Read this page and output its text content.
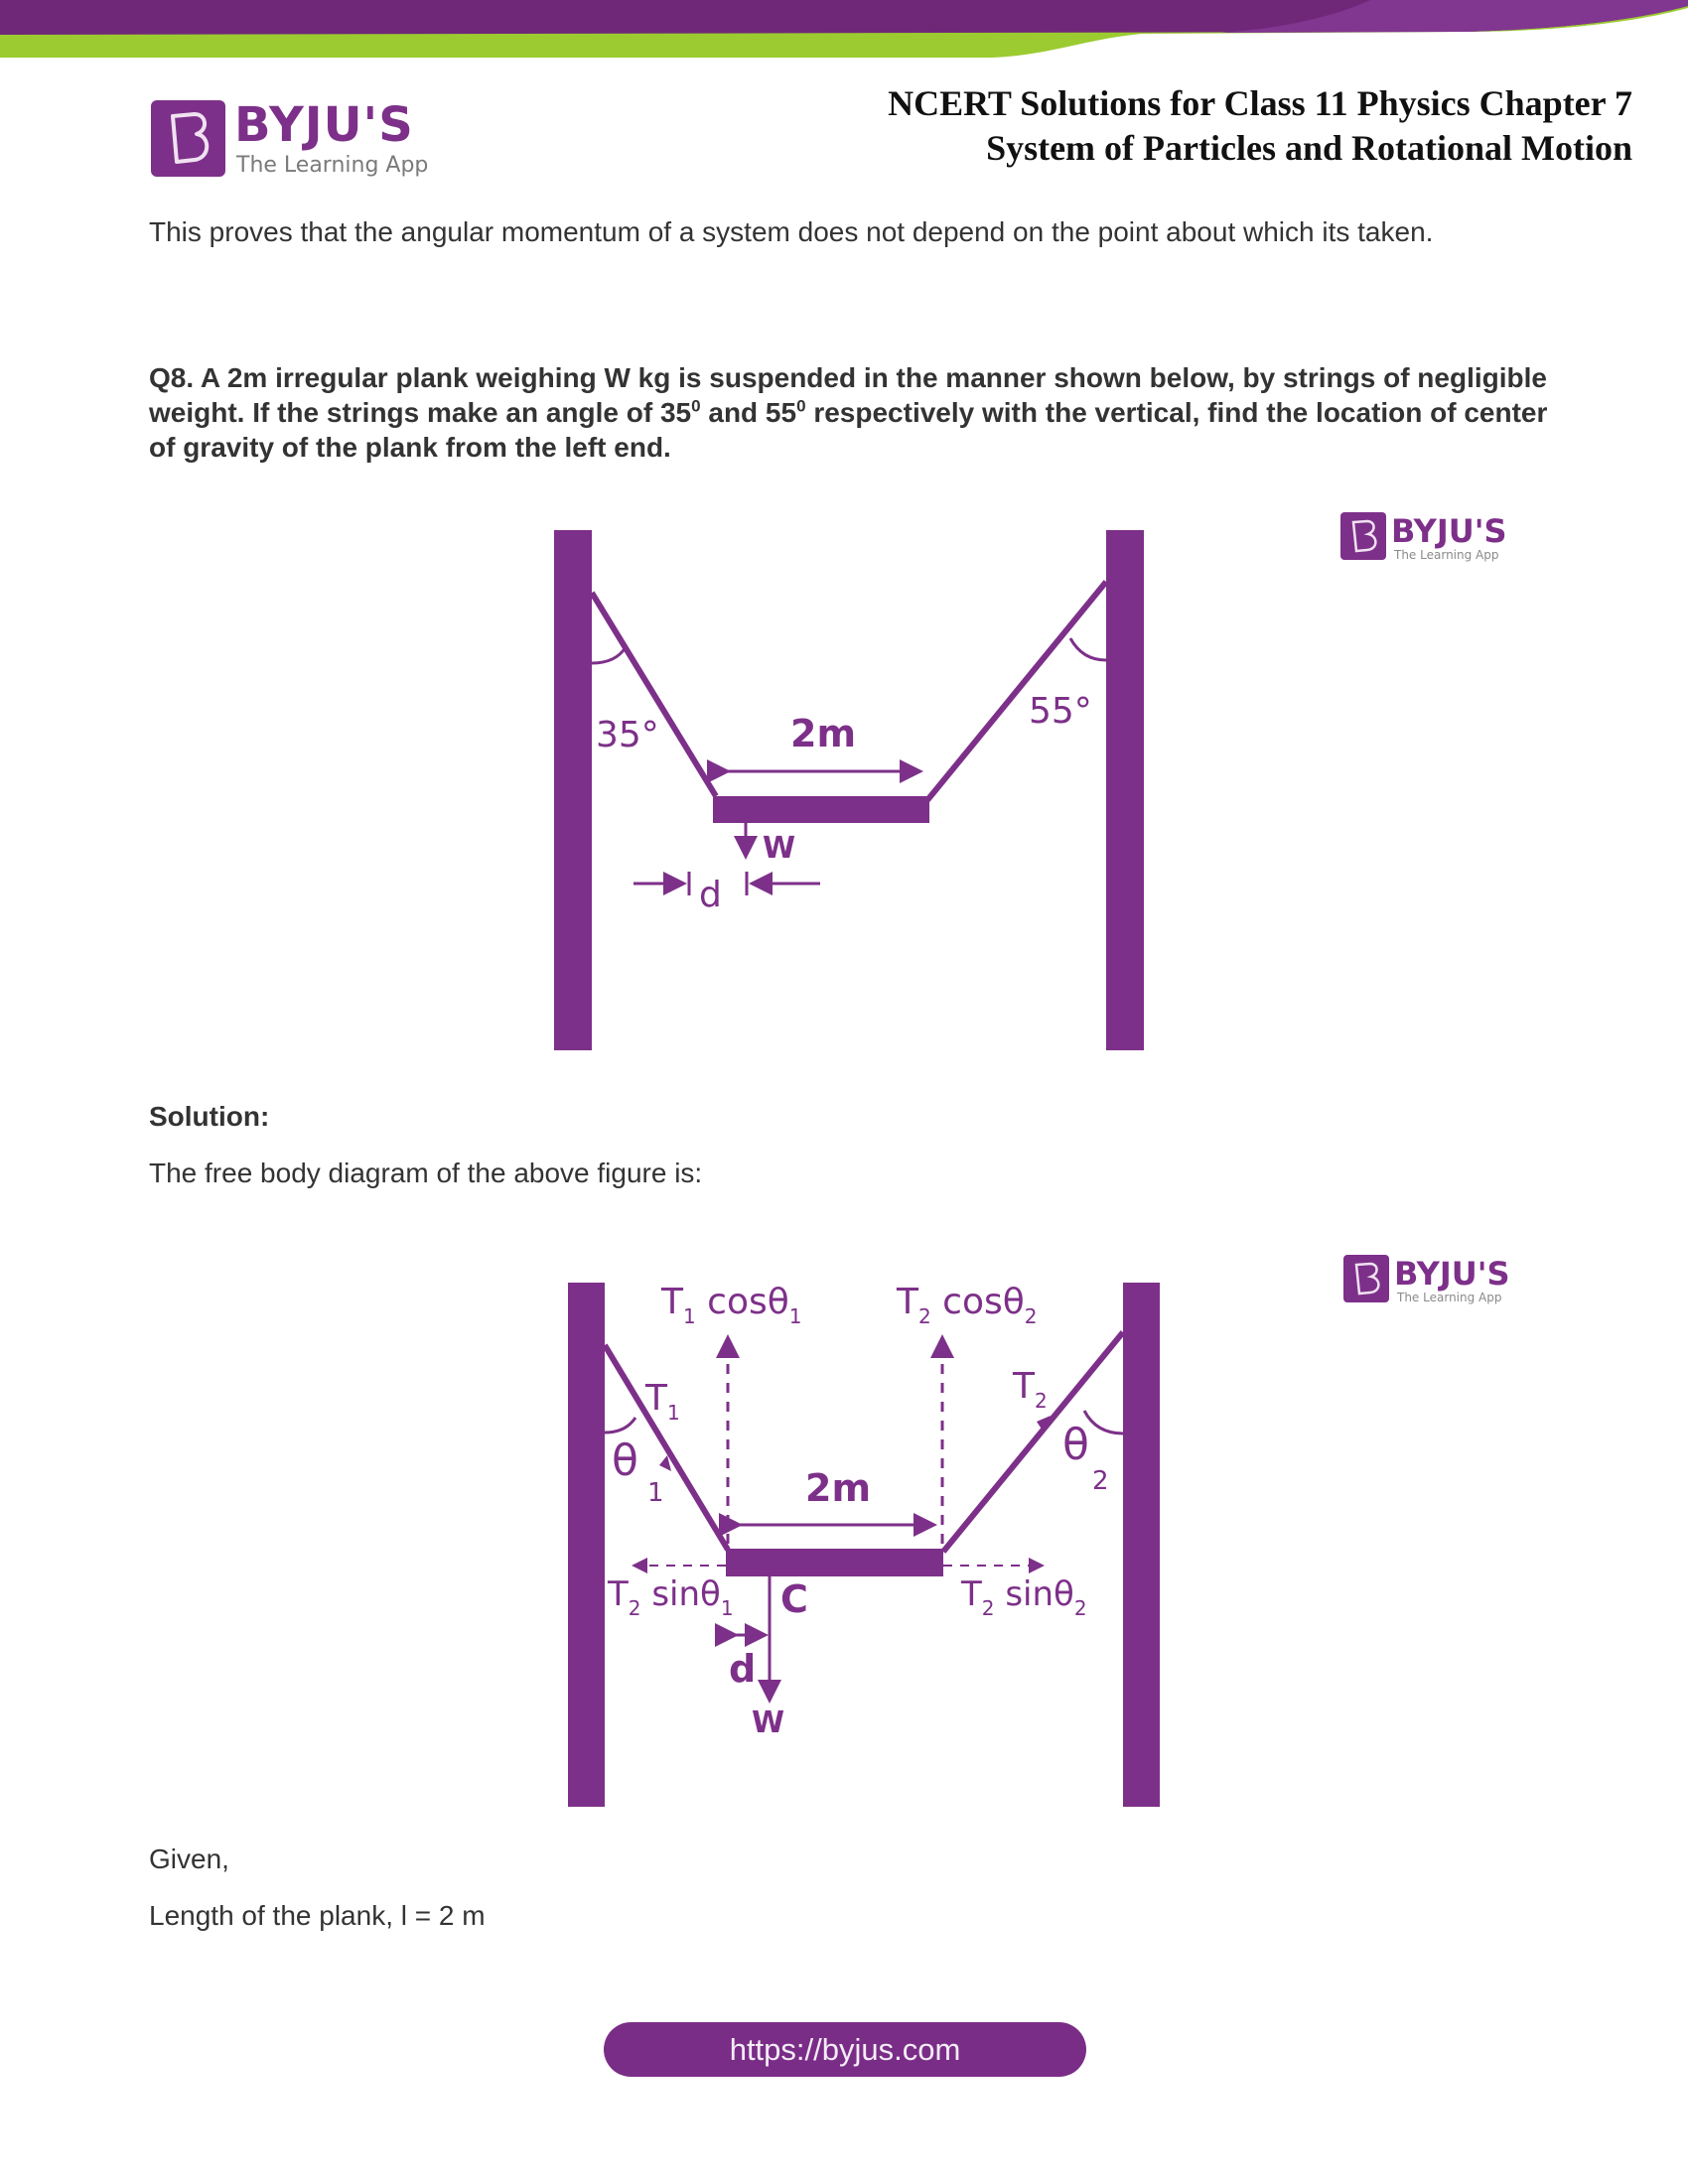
BYJU'S
The Learning App
NCERT Solutions for Class 11 Physics Chapter 7
System of Particles and Rotational Motion
This proves that the angular momentum of a system does not depend on the point about which its taken.
Q8. A 2m irregular plank weighing W kg is suspended in the manner shown below, by strings of negligible weight. If the strings make an angle of $35^0$ and $55^0$ respectively with the vertical, find the location of center of gravity of the plank from the left end.
35°
55°
2m
W
d
BYJU'S
The Learning App
Solution:
The free body diagram of the above figure is:
$T_1$ cosθ$_1$	$T_2$ cosθ$_2$
$T_1$
$T_2$
θ1
θ2
2m
$T_2$ sinθ$_1$	$T_2$ sinθ$_2$
C
d
W
BYJU'S
The Learning App
Given,
Length of the plank, l = 2 m
https://byjus.com
